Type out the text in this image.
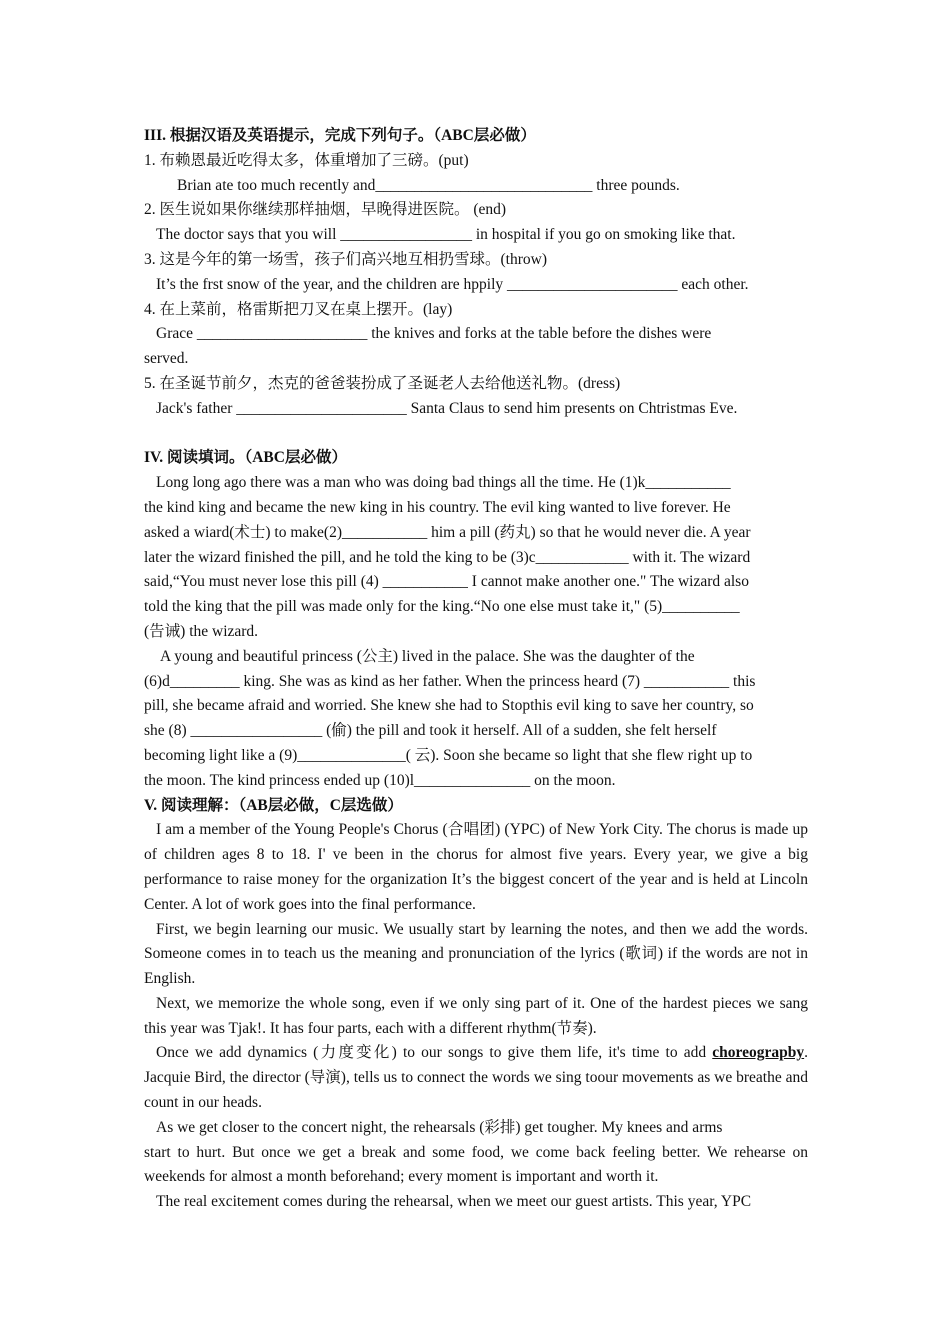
III. 根据汉语及英语提示，完成下列句子。（ABC层必做）
1. 布赖恩最近吃得太多，体重增加了三磅。(put)
Brian ate too much recently and____________________________ three pounds.
2. 医生说如果你继续那样抽烟，早晚得进医院。 (end)
The doctor says that you will _________________ in hospital if you go on smoking like that.
3. 这是今年的第一场雪，孩子们高兴地互相扔雪球。(throw)
It’s the frst snow of the year, and the children are hppily ______________________ each other.
4. 在上菜前，格雷斯把刀叉在桌上摆开。(lay)
Grace ______________________ the knives and forks at the table before the dishes were
served.
5. 在圣诞节前夕，杰克的爸爸装扮成了圣诞老人去给他送礼物。(dress)
Jack's father ______________________ Santa Claus to send him presents on Chtristmas Eve.
IV. 阅读填词。（ABC层必做）
Long long ago there was a man who was doing bad things all the time. He (1)k___________
the kind king and became the new king in his country. The evil king wanted to live forever. He
asked a wiard(术士) to make(2)___________ him a pill (药丸) so that he would never die. A year
later the wizard finished the pill, and he told the king to be (3)c____________ with it. The wizard
said,“You must never lose this pill (4) ___________ I cannot make another one." The wizard also
told the king that the pill was made only for the king.“No one else must take it," (5)__________
(告诫) the wizard.
A young and beautiful princess (公主) lived in the palace. She was the daughter of the
(6)d_________ king. She was as kind as her father. When the princess heard (7) ___________ this
pill, she became afraid and worried. She knew she had to Stopthis evil king to save her country, so
she (8) _________________ (偷) the pill and took it herself. All of a sudden, she felt herself
becoming light like a (9)______________( 云). Soon she became so light that she flew right up to
the moon. The kind princess ended up (10)l_______________ on the moon.
V. 阅读理解：（AB层必做，C层选做）

I am a member of the Young People's Chorus (合唱团) (YPC) of New York City. The chorus is made up of children ages 8 to 18. I' ve been in the chorus for almost five years. Every year, we give a big performance to raise money for the organization It’s the biggest concert of the year and is held at Lincoln Center. A lot of work goes into the final performance.

First, we begin learning our music. We usually start by learning the notes, and then we add the words. Someone comes in to teach us the meaning and pronunciation of the lyrics (歌词) if the words are not in English.

Next, we memorize the whole song, even if we only sing part of it. One of the hardest pieces we sang this year was Tjak!. It has four parts, each with a different rhythm(节奏).

Once we add dynamics (力度变化) to our songs to give them life, it's time to add choreograpby. Jacquie Bird, the director (导演), tells us to connect the words we sing toour movements as we breathe and count in our heads.

As we get closer to the concert night, the rehearsals (彩排) get tougher. My knees and arms
start to hurt. But once we get a break and some food, we come back feeling better. We rehearse on weekends for almost a month beforehand; every moment is important and worth it.

The real excitement comes during the rehearsal, when we meet our guest artists. This year, YPC
